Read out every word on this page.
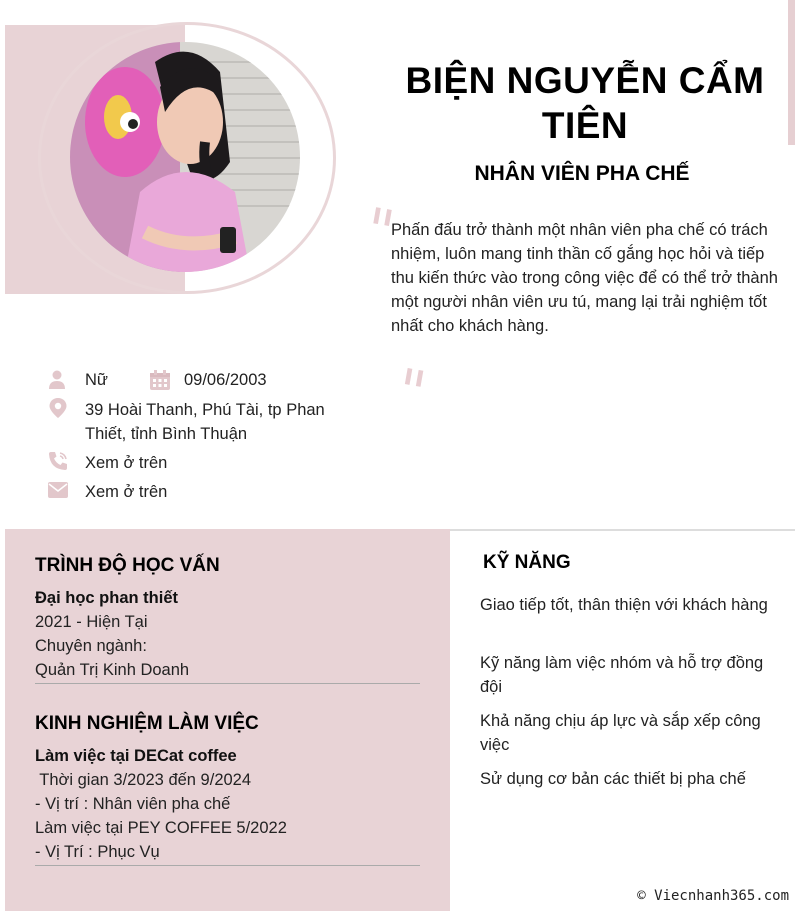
BIỆN NGUYỄN CẨM TIÊN
NHÂN VIÊN PHA CHẾ
"
"
Phấn đấu trở thành một nhân viên pha chế có trách nhiệm, luôn mang tinh thần cố gắng học hỏi và tiếp thu kiến thức vào trong công việc để có thể trở thành một người nhân viên ưu tú, mang lại trải nghiệm tốt nhất cho khách hàng.
Nữ	09/06/2003
39 Hoài Thanh, Phú Tài, tp Phan Thiết, tỉnh Bình Thuận
Xem ở trên
Xem ở trên
TRÌNH ĐỘ HỌC VẤN
Đại học phan thiết
2021 - Hiện Tại
Chuyên ngành:
Quản Trị Kinh Doanh
KINH NGHIỆM LÀM VIỆC
Làm việc tại DECat coffee
Thời gian 3/2023 đến 9/2024
- Vị trí : Nhân viên pha chế
Làm việc tại PEY COFFEE 5/2022
- Vị Trí : Phục Vụ
KỸ NĂNG
Giao tiếp tốt, thân thiện với khách hàng
Kỹ năng làm việc nhóm và hỗ trợ đồng đội
Khả năng chịu áp lực và sắp xếp công việc
Sử dụng cơ bản các thiết bị pha chế
© Viecnhanh365.com
